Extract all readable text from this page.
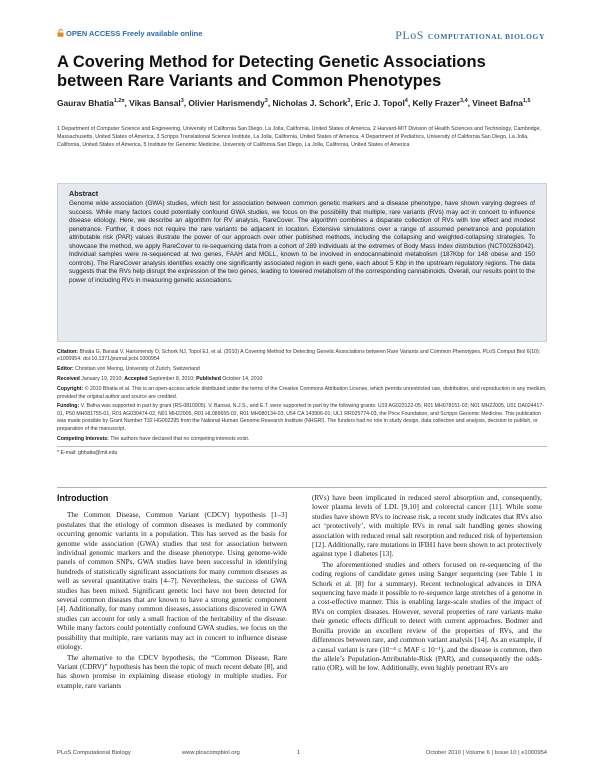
OPEN ACCESS Freely available online	PLoS COMPUTATIONAL BIOLOGY
A Covering Method for Detecting Genetic Associations between Rare Variants and Common Phenotypes
Gaurav Bhatia$^{1,2¤}$, Vikas Bansal$^3$, Olivier Harismendy$^3$, Nicholas J. Schork$^3$, Eric J. Topol$^4$, Kelly Frazer$^{3,4}$, Vineet Bafna$^{1,5}$
1 Department of Computer Science and Engineering, University of California San Diego, La Jolla, California, United States of America, 2 Harvard-MIT Division of Health Sciences and Technology, Cambridge, Massachusetts, United States of America, 3 Scripps Translational Science Institute, La Jolla, California, United States of America, 4 Department of Pediatrics, University of California San Diego, La Jolla, California, United States of America, 5 Institute for Genomic Medicine, University of California San Diego, La Jolla, California, United States of America
Abstract
Genome wide association (GWA) studies, which test for association between common genetic markers and a disease phenotype, have shown varying degrees of success. While many factors could potentially confound GWA studies, we focus on the possibility that multiple, rare variants (RVs) may act in concert to influence disease etiology. Here, we describe an algorithm for RV analysis, RareCover. The algorithm combines a disparate collection of RVs with low effect and modest penetrance. Further, it does not require the rare variants be adjacent in location. Extensive simulations over a range of assumed penetrance and population attributable risk (PAR) values illustrate the power of our approach over other published methods, including the collapsing and weighted-collapsing strategies. To showcase the method, we apply RareCover to re-sequencing data from a cohort of 289 individuals at the extremes of Body Mass Index distribution (NCT00263042). Individual samples were re-sequenced at two genes, FAAH and MGLL, known to be involved in endocannabinoid metabolism (187Kbp for 148 obese and 150 controls). The RareCover analysis identifies exactly one significantly associated region in each gene, each about 5 Kbp in the upstream regulatory regions. The data suggests that the RVs help disrupt the expression of the two genes, leading to lowered metabolism of the corresponding cannabinoids. Overall, our results point to the power of including RVs in measuring genetic associations.

Citation: Bhatia G, Bansal V, Harismendy O, Schork NJ, Topol EJ, et al. (2010) A Covering Method for Detecting Genetic Associations between Rare Variants and Common Phenotypes. PLoS Comput Biol 6(10): e1000954. doi:10.1371/journal.pcbi.1000954

Editor: Christian von Mering, University of Zurich, Switzerland

Received January 19, 2010; Accepted September 8, 2010; Published October 14, 2010

Copyright: © 2010 Bhatia et al. This is an open-access article distributed under the terms of the Creative Commons Attribution License, which permits unrestricted use, distribution, and reproduction in any medium, provided the original author and source are credited.

Funding: V. Bafna was supported in part by grant (RS-0810905). V. Bansal, N.J.S., and E.T. were supported in part by the following grants: U19 AG023122-05; R01 MH078151-03; N01 MH22005, U01 DA024417-01, P50 MH081755-01, R01 AG030474-02, N01 MH22005, R01 HL089655-02, R01 MH080134-03, U54 CA 143906-01; UL1 RR025774-03, the Price Foundation, and Scripps Genomic Medicine. This publication was made possible by Grant Number T32 HG002295 from the National Human Genome Research Institute (NHGRI). The funders had no role in study design, data collection and analysis, decision to publish, or preparation of the manuscript.

Competing Interests: The authors have declared that no competing interests exist.

* E-mail: gbhatia@mit.edu

Introduction

The Common Disease, Common Variant (CDCV) hypothesis [1–3] postulates that the etiology of common diseases is mediated by commonly occurring genomic variants in a population. This has served as the basis for genome wide association (GWA) studies that test for association between individual genomic markers and the disease phenotype. Using genome-wide panels of common SNPs, GWA studies have been successful in identifying hundreds of statistically significant associations for many common diseases as well as several quantitative traits [4–7]. Nevertheless, the success of GWA studies has been mixed. Significant genetic loci have not been detected for several common diseases that are known to have a strong genetic component [4]. Additionally, for many common diseases, associations discovered in GWA studies can account for only a small fraction of the heritability of the disease. While many factors could potentially confound GWA studies, we focus on the possibility that multiple, rare variants may act in concert to influence disease etiology.

The alternative to the CDCV hypothesis, the “Common Disease, Rare Variant (CDRV)” hypothesis has been the topic of much recent debate [8], and has shown promise in explaining disease etiology in multiple studies. For example, rare variants

(RVs) have been implicated in reduced sterol absorption and, consequently, lower plasma levels of LDL [9,10] and colorectal cancer [11]. While some studies have shown RVs to increase risk, a recent study indicates that RVs also act ‘protectively’, with multiple RVs in renal salt handling genes showing association with reduced renal salt resorption and reduced risk of hypertension [12]. Additionally, rare mutations in IFIH1 have been shown to act protectively against type 1 diabetes [13].

The aforementioned studies and others focused on re-sequencing of the coding regions of candidate genes using Sanger sequencing (see Table 1 in Schork et al. [8] for a summary). Recent technological advances in DNA sequencing have made it possible to re-sequence large stretches of a genome in a cost-effective manner. This is enabling large-scale studies of the impact of RVs on complex diseases. However, several properties of rare variants make their genetic effects difficult to detect with current approaches. Bodmer and Bonilla provide an excellent review of the properties of RVs, and the differences between rare, and common variant analysis [14]. As an example, if a causal variant is rare (10⁻⁴ ≤ MAF ≤ 10⁻¹), and the disease is common, then the allele’s Population-Attributable-Risk (PAR), and consequently the odds-ratio (OR), will be low. Additionally, even highly penetrant RVs are

PLoS Computational Biology	www.ploscompbiol.org	1	October 2010 | Volume 6 | Issue 10 | e1000954
